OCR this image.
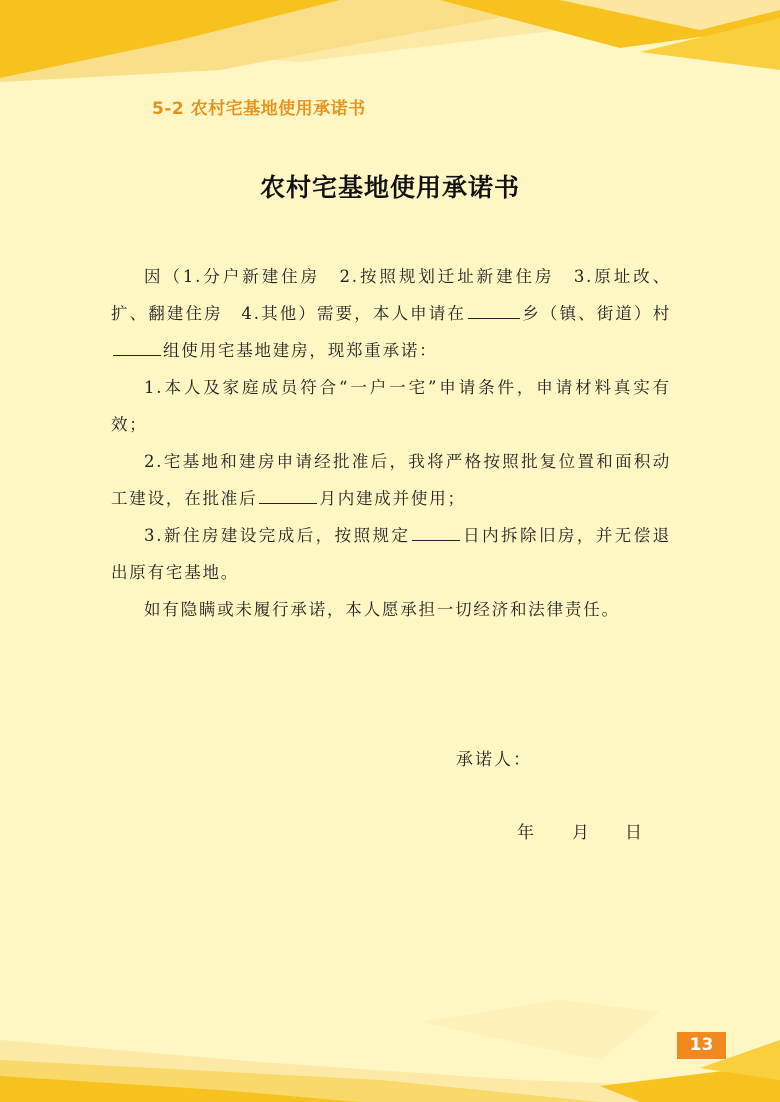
5-2 农村宅基地使用承诺书
农村宅基地使用承诺书

因（1.分户新建住房　2.按照规划迁址新建住房　3.原址改、扩、翻建住房　4.其他）需要，本人申请在	乡（镇、街道）村组使用宅基地建房，现郑重承诺：

1.本人及家庭成员符合“一户一宅”申请条件，申请材料真实有效；

2.宅基地和建房申请经批准后，我将严格按照批复位置和面积动工建设，在批准后	月内建成并使用；

3.新住房建设完成后，按照规定	日内拆除旧房，并无偿退出原有宅基地。

如有隐瞒或未履行承诺，本人愿承担一切经济和法律责任。

承诺人：
年 月 日
13
